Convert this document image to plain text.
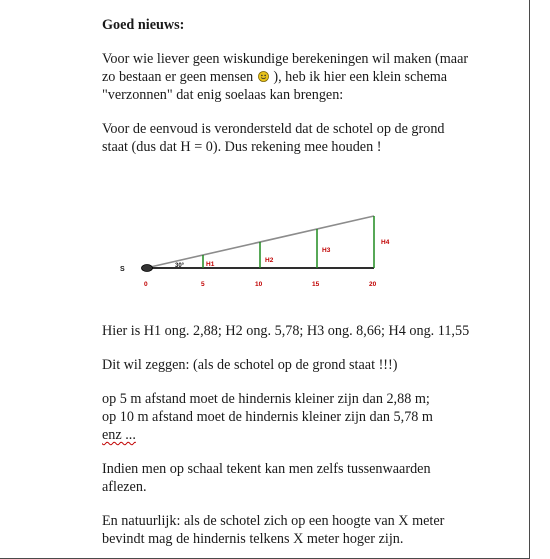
Goed nieuws:
Voor wie liever geen wiskundige berekeningen wil maken (maar
zo bestaan er geen mensen ), heb ik hier een klein schema
"verzonnen" dat enig soelaas kan brengen:
Voor de eenvoud is verondersteld dat de schotel op de grond
staat (dus dat H = 0). Dus rekening mee houden !
S	30°	H1
H2
H3
H4
0	5	10	15	20
Hier is H1 ong. 2,88; H2 ong. 5,78; H3 ong. 8,66; H4 ong. 11,55
Dit wil zeggen: (als de schotel op de grond staat !!!)
op 5 m afstand moet de hindernis kleiner zijn dan 2,88 m;
op 10 m afstand moet de hindernis kleiner zijn dan 5,78 m
enz ...
Indien men op schaal tekent kan men zelfs tussenwaarden
aflezen.
En natuurlijk: als de schotel zich op een hoogte van X meter
bevindt mag de hindernis telkens X meter hoger zijn.
